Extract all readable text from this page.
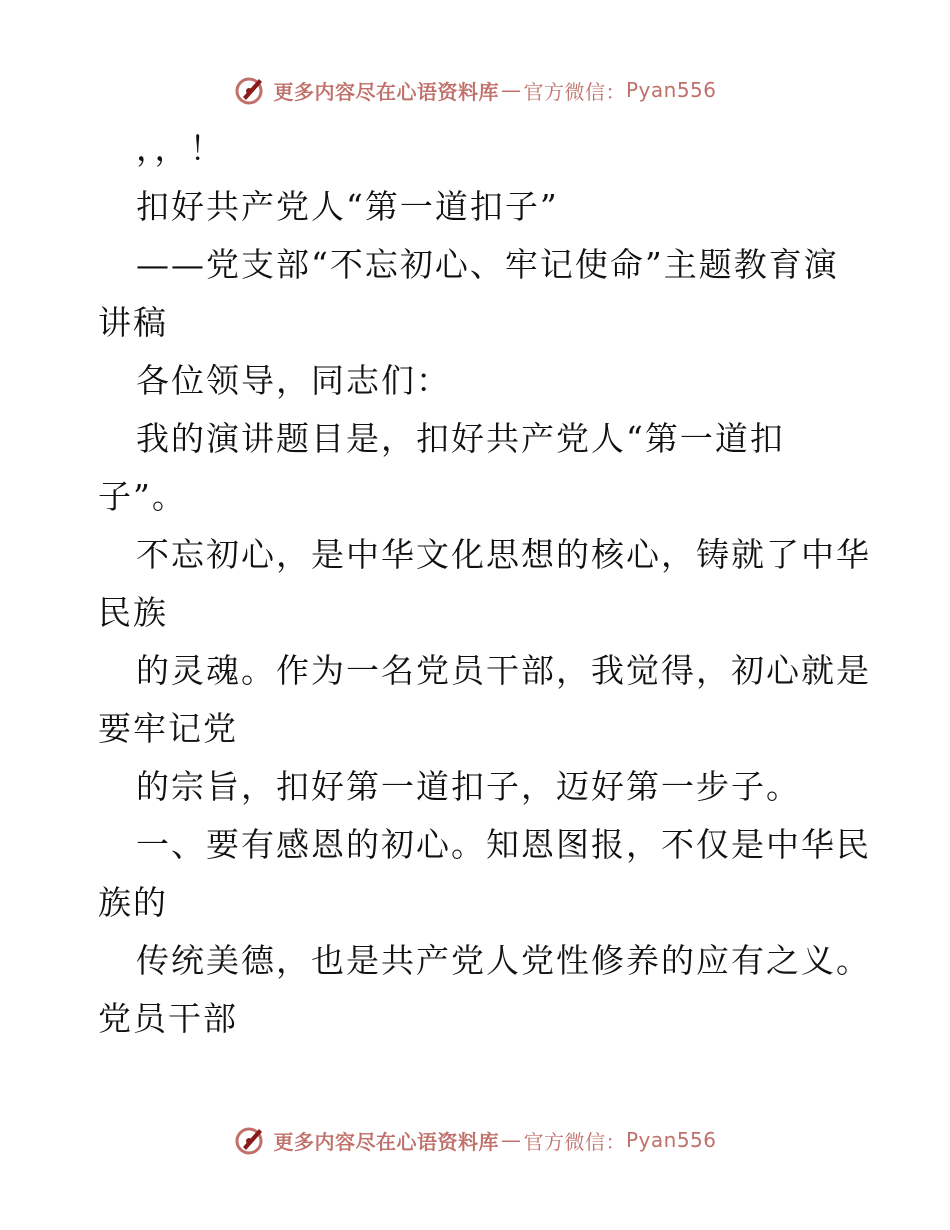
更多内容尽在心语资料库 — 官方微信： Pyan556
，，！
扣好共产党人“第一道扣子”
——党支部“不忘初心、牢记使命”主题教育演
讲稿
各位领导，同志们：
我的演讲题目是，扣好共产党人“第一道扣
子”。
不忘初心，是中华文化思想的核心，铸就了中华
民族
的灵魂。作为一名党员干部，我觉得，初心就是
要牢记党
的宗旨，扣好第一道扣子，迈好第一步子。
一、要有感恩的初心。知恩图报，不仅是中华民
族的
传统美德，也是共产党人党性修养的应有之义。
党员干部
更多内容尽在心语资料库 — 官方微信： Pyan556
